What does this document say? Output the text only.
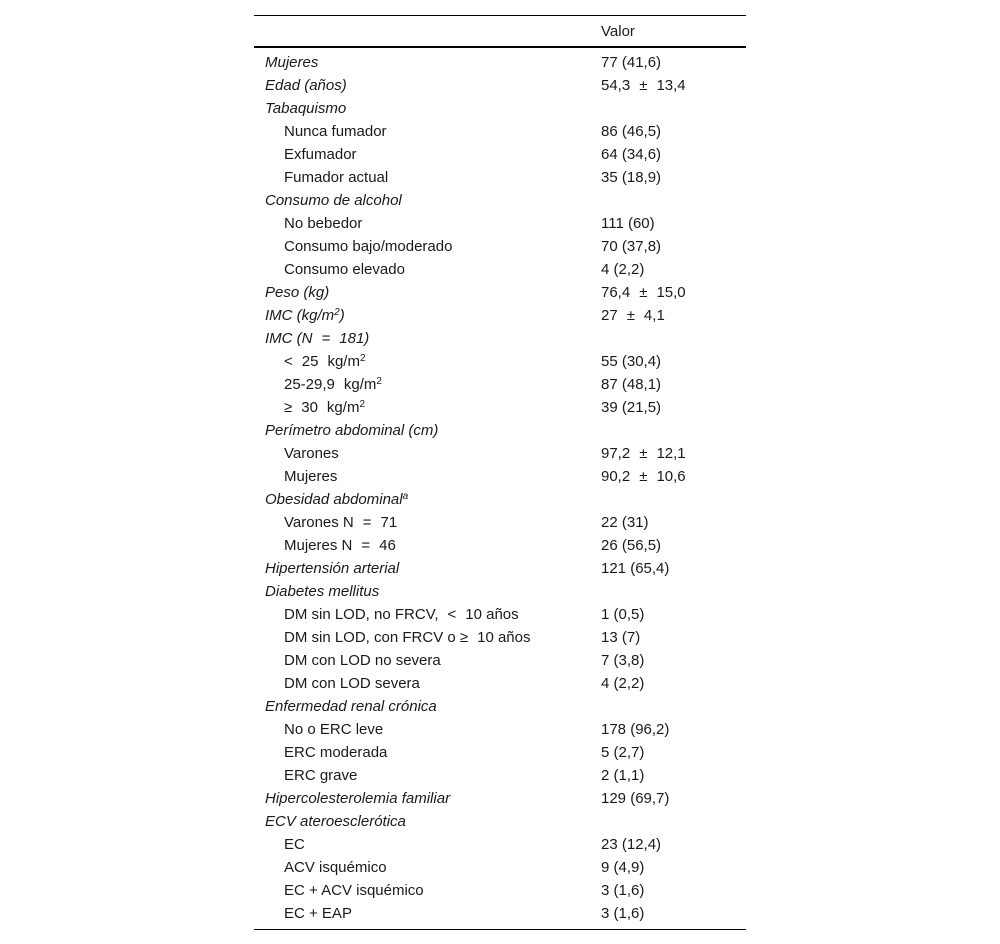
	Valor
Mujeres	77 (41,6)
Edad (años)	54,3   ±   13,4
Tabaquismo	
Nunca fumador	86 (46,5)
Exfumador	64 (34,6)
Fumador actual	35 (18,9)
Consumo de alcohol	
No bebedor	111 (60)
Consumo bajo/moderado	70 (37,8)
Consumo elevado	4 (2,2)
Peso (kg)	76,4   ±   15,0
IMC $(kg/m^2)$	27   ±   4,1
IMC (N   =   181)	
<   25   $kg/m^2$	55 (30,4)
25-29,9   $kg/m^2$	87 (48,1)
≥   30   $kg/m^2$	39 (21,5)
Perímetro abdominal (cm)	
Varones	97,2   ±   12,1
Mujeres	90,2   ±   10,6
Obesidad abdominal$^a$	
Varones N   =   71	22 (31)
Mujeres N   =   46	26 (56,5)
Hipertensión arterial	121 (65,4)
Diabetes mellitus	
DM sin LOD, no FRCV,   <   10 años	1 (0,5)
DM sin LOD, con FRCV o ≥   10 años	13 (7)
DM con LOD no severa	7 (3,8)
DM con LOD severa	4 (2,2)
Enfermedad renal crónica	
No o ERC leve	178 (96,2)
ERC moderada	5 (2,7)
ERC grave	2 (1,1)
Hipercolesterolemia familiar	129 (69,7)
ECV ateroesclerótica	
EC	23 (12,4)
ACV isquémico	9 (4,9)
EC + ACV isquémico	3 (1,6)
EC + EAP	3 (1,6)
